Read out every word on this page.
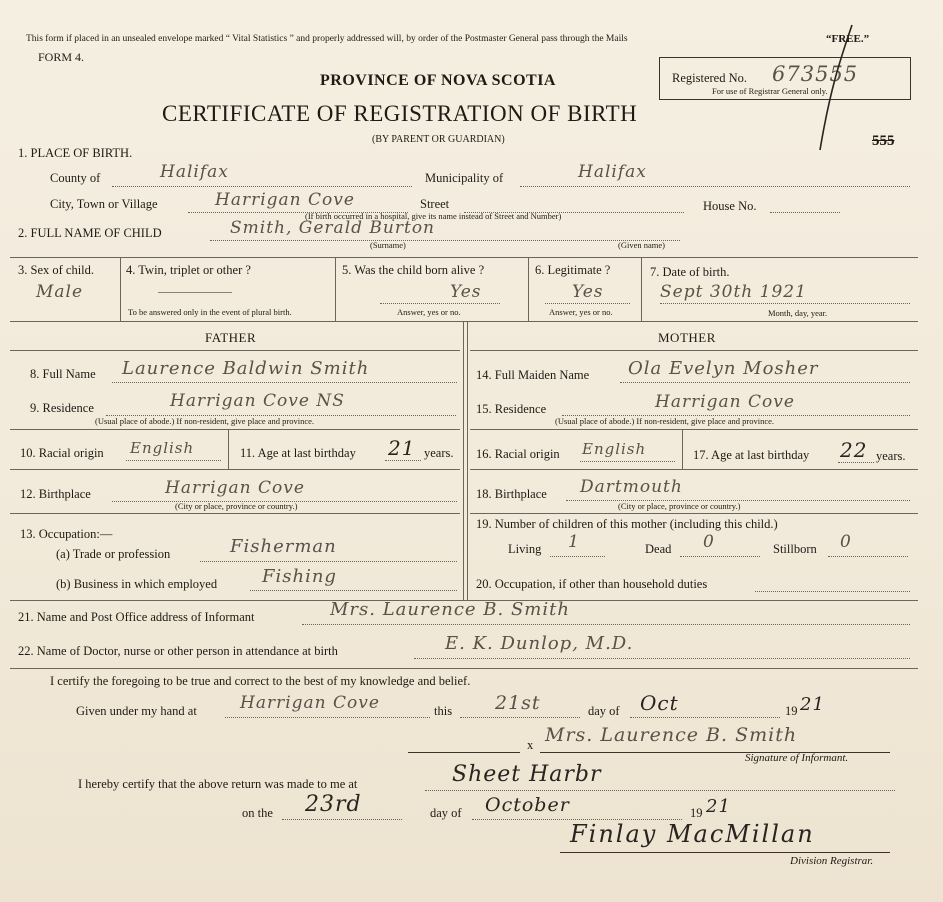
This form if placed in an unsealed envelope marked “ Vital Statistics ” and properly addressed will, by order of the Postmaster General pass through the Mails	“FREE.”
FORM 4.
PROVINCE OF NOVA SCOTIA
CERTIFICATE OF REGISTRATION OF BIRTH
(BY PARENT OR GUARDIAN)
Registered No. 673555
For use of Registrar General only.
555
1. PLACE OF BIRTH.
County of	Halifax	Municipality of	Halifax
City, Town or Village	Harrigan Cove	Street
(If birth occurred in a hospital, give its name instead of Street and Number)
House No.
2. FULL NAME OF CHILD	Smith, Gerald Burton
(Surname)	(Given name)
3. Sex of child.
Male
4. Twin, triplet or other ?
To be answered only in the event of plural birth.
5. Was the child born alive ?
Yes
Answer, yes or no.
6. Legitimate ?
Yes
Answer, yes or no.
7. Date of birth.
Sept 30th 1921
Month, day, year.
FATHER	MOTHER
8. Full Name Laurence Baldwin Smith
9. Residence	Harrigan Cove NS
(Usual place of abode.) If non-resident, give place and province.
10. Racial origin English	11. Age at last birthday 21 years.
12. Birthplace	Harrigan Cove
(City or place, province or country.)
13. Occupation:—
(a) Trade or profession	Fisherman
(b) Business in which employed Fishing
14. Full Maiden Name Ola Evelyn Mosher
15. Residence	Harrigan Cove
(Usual place of abode.) If non-resident, give place and province.
16. Racial origin English	17. Age at last birthday 22 years.
18. Birthplace Dartmouth
(City or place, province or country.)
19. Number of children of this mother (including this child.)
Living 1	Dead 0	Stillborn 0
20. Occupation, if other than household duties
21. Name and Post Office address of Informant	Mrs. Laurence B. Smith
22. Name of Doctor, nurse or other person in attendance at birth	E. K. Dunlop, M.D.
I certify the foregoing to be true and correct to the best of my knowledge and belief.
Given under my hand at	Harrigan Cove	this 21st	day of Oct	19 21
x Mrs. Laurence B. Smith
Signature of Informant.
I hereby certify that the above return was made to me at	Sheet Harbr
on the 23rd	day of October	19 21
Finlay MacMillan
Division Registrar.
